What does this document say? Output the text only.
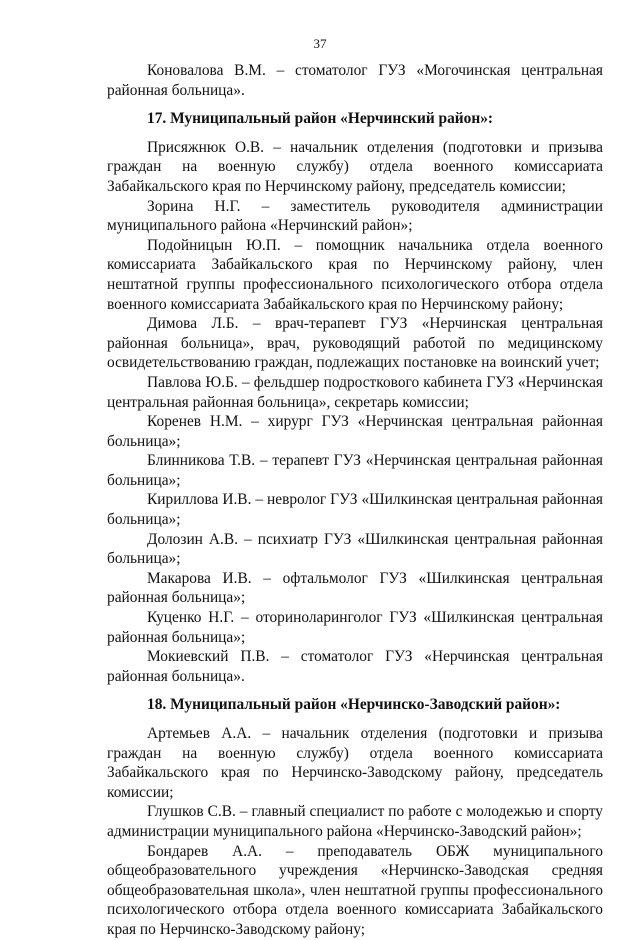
37

Коновалова В.М. – стоматолог ГУЗ «Могочинская центральная районная больница».

17. Муниципальный район «Нерчинский район»:

Присяжнюк О.В. – начальник отделения (подготовки и призыва граждан на военную службу) отдела военного комиссариата Забайкальского края по Нерчинскому району, председатель комиссии;

Зорина Н.Г. – заместитель руководителя администрации муниципального района «Нерчинский район»;

Подойницын Ю.П. – помощник начальника отдела военного комиссариата Забайкальского края по Нерчинскому району, член нештатной группы профессионального психологического отбора отдела военного комиссариата Забайкальского края по Нерчинскому району;

Димова Л.Б. – врач-терапевт ГУЗ «Нерчинская центральная районная больница», врач, руководящий работой по медицинскому освидетельствованию граждан, подлежащих постановке на воинский учет;

Павлова Ю.Б. – фельдшер подросткового кабинета ГУЗ «Нерчинская центральная районная больница», секретарь комиссии;

Коренев Н.М. – хирург ГУЗ «Нерчинская центральная районная больница»;

Блинникова Т.В. – терапевт ГУЗ «Нерчинская центральная районная больница»;

Кириллова И.В. – невролог ГУЗ «Шилкинская центральная районная больница»;

Долозин А.В. – психиатр ГУЗ «Шилкинская центральная районная больница»;

Макарова И.В. – офтальмолог ГУЗ «Шилкинская центральная районная больница»;

Куценко Н.Г. – оториноларинголог ГУЗ «Шилкинская центральная районная больница»;

Мокиевский П.В. – стоматолог ГУЗ «Нерчинская центральная районная больница».

18. Муниципальный район «Нерчинско-Заводский район»:

Артемьев А.А. – начальник отделения (подготовки и призыва граждан на военную службу) отдела военного комиссариата Забайкальского края по Нерчинско-Заводскому району, председатель комиссии;

Глушков С.В. – главный специалист по работе с молодежью и спорту администрации муниципального района «Нерчинско-Заводский район»;

Бондарев А.А. – преподаватель ОБЖ муниципального общеобразовательного учреждения «Нерчинско-Заводская средняя общеобразовательная школа», член нештатной группы профессионального психологического отбора отдела военного комиссариата Забайкальского края по Нерчинско-Заводскому району;
